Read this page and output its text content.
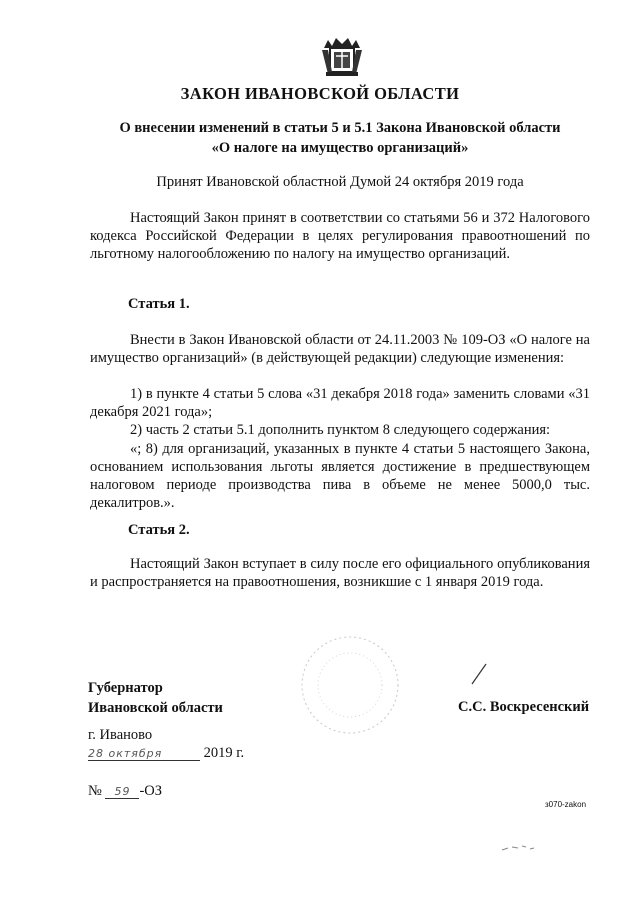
ЗАКОН ИВАНОВСКОЙ ОБЛАСТИ
О внесении изменений в статьи 5 и 5.1 Закона Ивановской области
«О налоге на имущество организаций»
Принят Ивановской областной Думой 24 октября 2019 года
Настоящий Закон принят в соответствии со статьями 56 и 372 Налогового кодекса Российской Федерации в целях регулирования правоотношений по льготному налогообложению по налогу на имущество организаций.
Статья 1.
Внести в Закон Ивановской области от 24.11.2003 № 109-ОЗ «О налоге на имущество организаций» (в действующей редакции) следующие изменения:
1) в пункте 4 статьи 5 слова «31 декабря 2018 года» заменить словами «31 декабря 2021 года»;
2) часть 2 статьи 5.1 дополнить пунктом 8 следующего содержания:
«; 8) для организаций, указанных в пункте 4 статьи 5 настоящего Закона, основанием использования льготы является достижение в предшествующем налоговом периоде производства пива в объеме не менее 5000,0 тыс. декалитров.».
Статья 2.
Настоящий Закон вступает в силу после его официального опубликования и распространяется на правоотношения, возникшие с 1 января 2019 года.
Губернатор
Ивановской области	С.С. Воскресенский
г. Иваново
28 октября	2019 г.
№ 59 -ОЗ
з070-zakon
